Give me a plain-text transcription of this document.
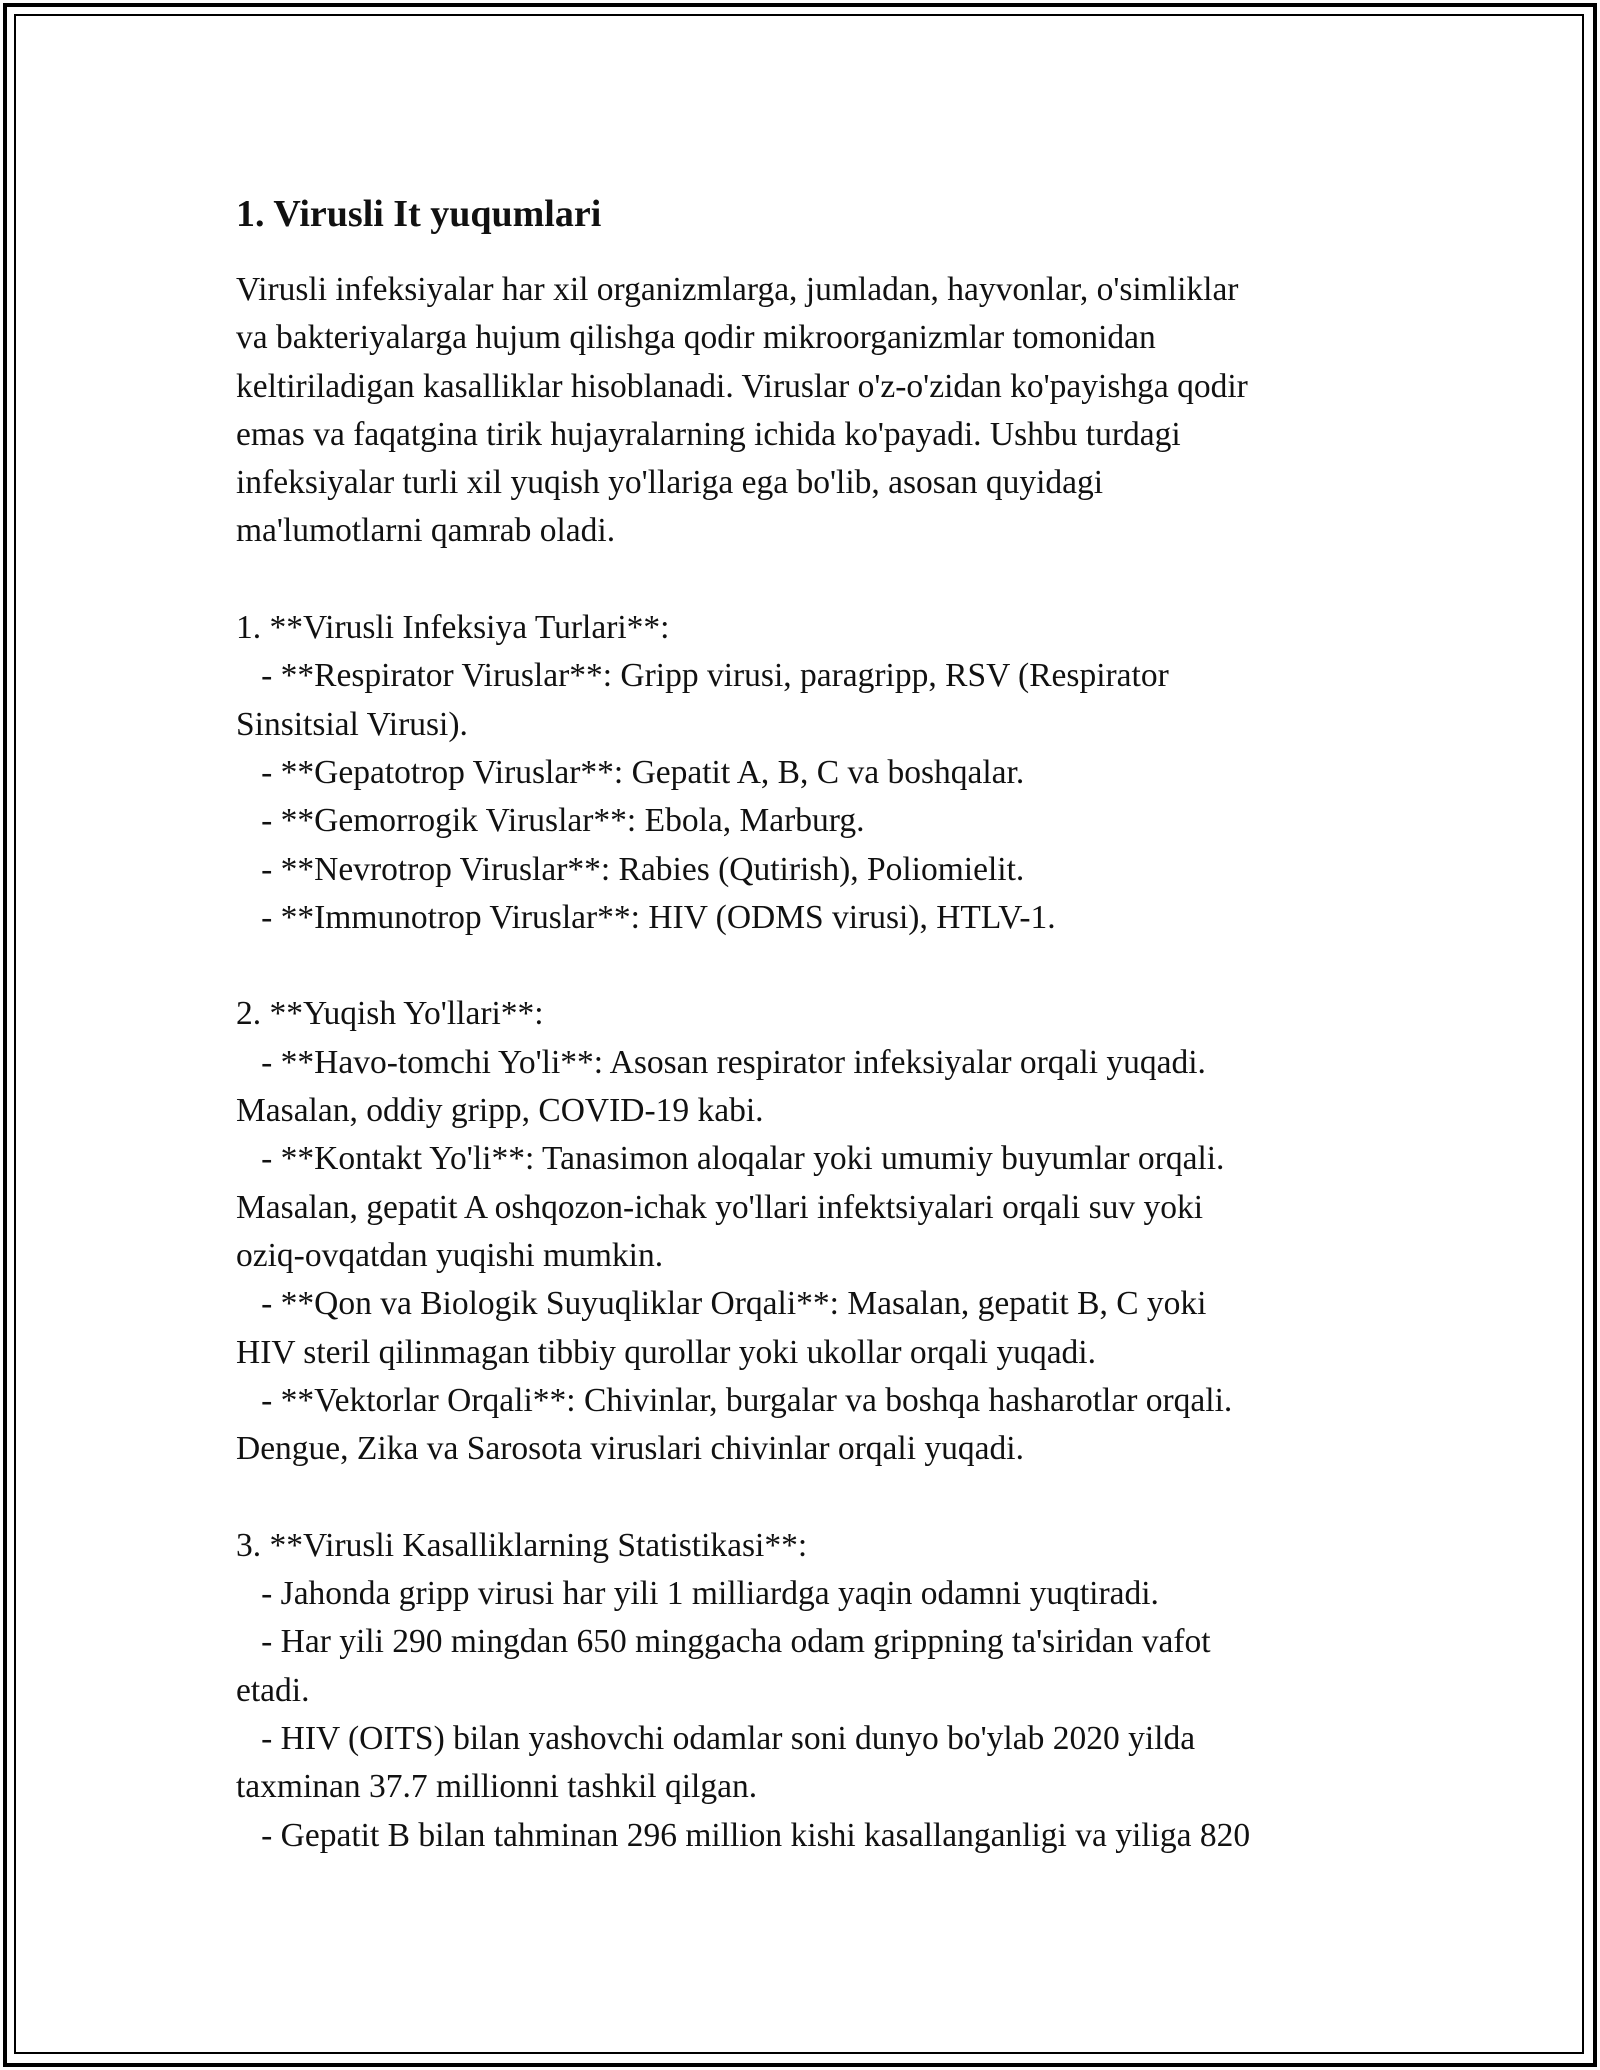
1. Virusli It yuqumlari
Virusli infeksiyalar har xil organizmlarga, jumladan, hayvonlar, o'simliklar
va bakteriyalarga hujum qilishga qodir mikroorganizmlar tomonidan
keltiriladigan kasalliklar hisoblanadi. Viruslar o'z-o'zidan ko'payishga qodir
emas va faqatgina tirik hujayralarning ichida ko'payadi. Ushbu turdagi
infeksiyalar turli xil yuqish yo'llariga ega bo'lib, asosan quyidagi
ma'lumotlarni qamrab oladi.

1. **Virusli Infeksiya Turlari**:
- **Respirator Viruslar**: Gripp virusi, paragripp, RSV (Respirator
Sinsitsial Virusi).
- **Gepatotrop Viruslar**: Gepatit A, B, C va boshqalar.
- **Gemorrogik Viruslar**: Ebola, Marburg.
- **Nevrotrop Viruslar**: Rabies (Qutirish), Poliomielit.
- **Immunotrop Viruslar**: HIV (ODMS virusi), HTLV-1.

2. **Yuqish Yo'llari**:
- **Havo-tomchi Yo'li**: Asosan respirator infeksiyalar orqali yuqadi.
Masalan, oddiy gripp, COVID-19 kabi.
- **Kontakt Yo'li**: Tanasimon aloqalar yoki umumiy buyumlar orqali.
Masalan, gepatit A oshqozon-ichak yo'llari infektsiyalari orqali suv yoki
oziq-ovqatdan yuqishi mumkin.
- **Qon va Biologik Suyuqliklar Orqali**: Masalan, gepatit B, C yoki
HIV steril qilinmagan tibbiy qurollar yoki ukollar orqali yuqadi.
- **Vektorlar Orqali**: Chivinlar, burgalar va boshqa hasharotlar orqali.
Dengue, Zika va Sarosota viruslari chivinlar orqali yuqadi.

3. **Virusli Kasalliklarning Statistikasi**:
- Jahonda gripp virusi har yili 1 milliardga yaqin odamni yuqtiradi.
- Har yili 290 mingdan 650 minggacha odam grippning ta'siridan vafot
etadi.
- HIV (OITS) bilan yashovchi odamlar soni dunyo bo'ylab 2020 yilda
taxminan 37.7 millionni tashkil qilgan.
- Gepatit B bilan tahminan 296 million kishi kasallanganligi va yiliga 820
